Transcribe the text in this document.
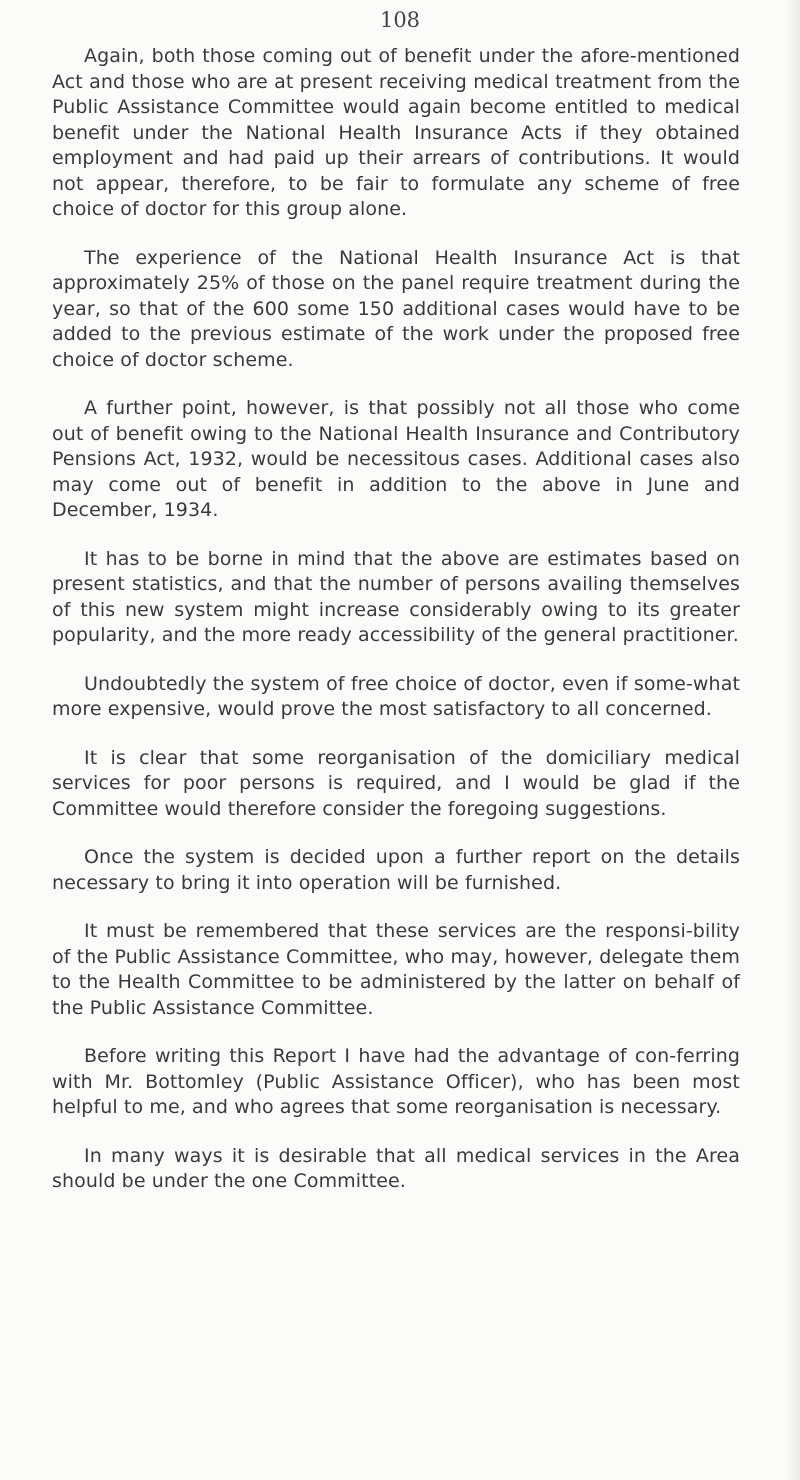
108

Again, both those coming out of benefit under the afore-mentioned Act and those who are at present receiving medical treatment from the Public Assistance Committee would again become entitled to medical benefit under the National Health Insurance Acts if they obtained employment and had paid up their arrears of contributions. It would not appear, therefore, to be fair to formulate any scheme of free choice of doctor for this group alone.

The experience of the National Health Insurance Act is that approximately 25% of those on the panel require treatment during the year, so that of the 600 some 150 additional cases would have to be added to the previous estimate of the work under the proposed free choice of doctor scheme.

A further point, however, is that possibly not all those who come out of benefit owing to the National Health Insurance and Contributory Pensions Act, 1932, would be necessitous cases. Additional cases also may come out of benefit in addition to the above in June and December, 1934.

It has to be borne in mind that the above are estimates based on present statistics, and that the number of persons availing themselves of this new system might increase considerably owing to its greater popularity, and the more ready accessibility of the general practitioner.

Undoubtedly the system of free choice of doctor, even if some-what more expensive, would prove the most satisfactory to all concerned.

It is clear that some reorganisation of the domiciliary medical services for poor persons is required, and I would be glad if the Committee would therefore consider the foregoing suggestions.

Once the system is decided upon a further report on the details necessary to bring it into operation will be furnished.

It must be remembered that these services are the responsi-bility of the Public Assistance Committee, who may, however, delegate them to the Health Committee to be administered by the latter on behalf of the Public Assistance Committee.

Before writing this Report I have had the advantage of con-ferring with Mr. Bottomley (Public Assistance Officer), who has been most helpful to me, and who agrees that some reorganisation is necessary.

In many ways it is desirable that all medical services in the Area should be under the one Committee.
